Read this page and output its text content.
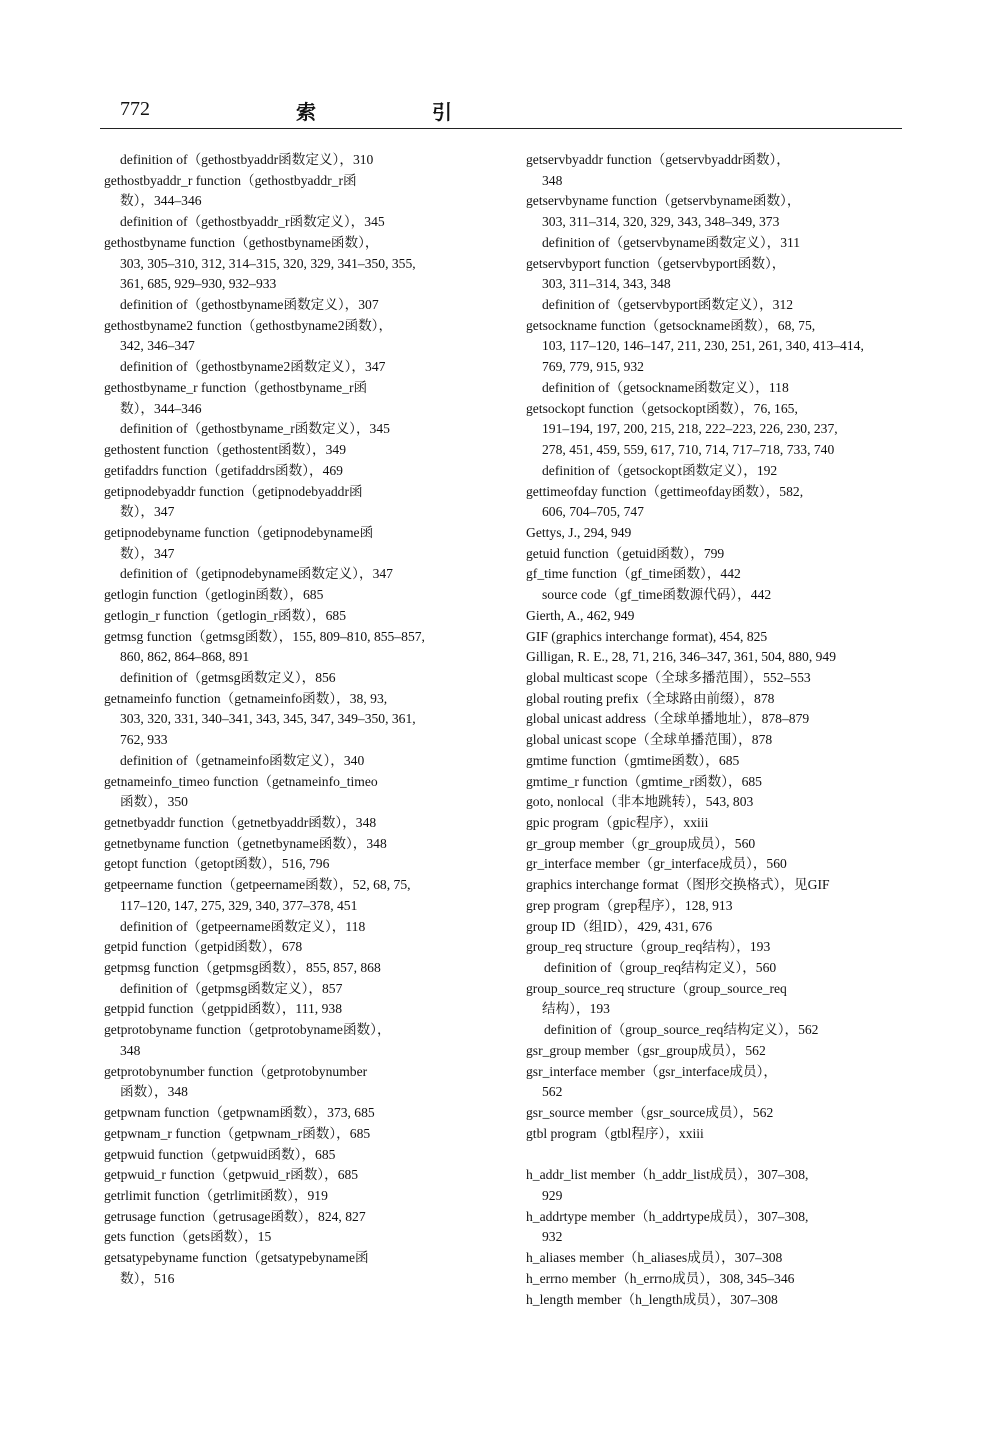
772	索　引
definition of（gethostbyaddr函数定义），310
gethostbyaddr_r function（gethostbyaddr_r函
数），344–346
definition of（gethostbyaddr_r函数定义），345
gethostbyname function（gethostbyname函数），
303, 305–310, 312, 314–315, 320, 329, 341–350, 355,
361, 685, 929–930, 932–933
definition of（gethostbyname函数定义），307
gethostbyname2 function（gethostbyname2函数），
342, 346–347
definition of（gethostbyname2函数定义），347
gethostbyname_r function（gethostbyname_r函
数），344–346
definition of（gethostbyname_r函数定义），345
gethostent function（gethostent函数），349
getifaddrs function（getifaddrs函数），469
getipnodebyaddr function（getipnodebyaddr函
数），347
getipnodebyname function（getipnodebyname函
数），347
definition of（getipnodebyname函数定义），347
getlogin function（getlogin函数），685
getlogin_r function（getlogin_r函数），685
getmsg function（getmsg函数），155, 809–810, 855–857,
860, 862, 864–868, 891
definition of（getmsg函数定义），856
getnameinfo function（getnameinfo函数），38, 93,
303, 320, 331, 340–341, 343, 345, 347, 349–350, 361,
762, 933
definition of（getnameinfo函数定义），340
getnameinfo_timeo function（getnameinfo_timeo
函数），350
getnetbyaddr function（getnetbyaddr函数），348
getnetbyname function（getnetbyname函数），348
getopt function（getopt函数），516, 796
getpeername function（getpeername函数），52, 68, 75,
117–120, 147, 275, 329, 340, 377–378, 451
definition of（getpeername函数定义），118
getpid function（getpid函数），678
getpmsg function（getpmsg函数），855, 857, 868
definition of（getpmsg函数定义），857
getppid function（getppid函数），111, 938
getprotobyname function（getprotobyname函数），
348
getprotobynumber function（getprotobynumber
函数），348
getpwnam function（getpwnam函数），373, 685
getpwnam_r function（getpwnam_r函数），685
getpwuid function（getpwuid函数），685
getpwuid_r function（getpwuid_r函数），685
getrlimit function（getrlimit函数），919
getrusage function（getrusage函数），824, 827
gets function（gets函数），15
getsatypebyname function（getsatypebyname函
数），516
getservbyaddr function（getservbyaddr函数），
348
getservbyname function（getservbyname函数），
303, 311–314, 320, 329, 343, 348–349, 373
definition of（getservbyname函数定义），311
getservbyport function（getservbyport函数），
303, 311–314, 343, 348
definition of（getservbyport函数定义），312
getsockname function（getsockname函数），68, 75,
103, 117–120, 146–147, 211, 230, 251, 261, 340, 413–414,
769, 779, 915, 932
definition of（getsockname函数定义），118
getsockopt function（getsockopt函数），76, 165,
191–194, 197, 200, 215, 218, 222–223, 226, 230, 237,
278, 451, 459, 559, 617, 710, 714, 717–718, 733, 740
definition of（getsockopt函数定义），192
gettimeofday function（gettimeofday函数），582,
606, 704–705, 747
Gettys, J., 294, 949
getuid function（getuid函数），799
gf_time function（gf_time函数），442
source code（gf_time函数源代码），442
Gierth, A., 462, 949
GIF (graphics interchange format), 454, 825
Gilligan, R. E., 28, 71, 216, 346–347, 361, 504, 880, 949
global multicast scope（全球多播范围），552–553
global routing prefix（全球路由前缀），878
global unicast address（全球单播地址），878–879
global unicast scope（全球单播范围），878
gmtime function（gmtime函数），685
gmtime_r function（gmtime_r函数），685
goto, nonlocal（非本地跳转），543, 803
gpic program（gpic程序），xxiii
gr_group member（gr_group成员），560
gr_interface member（gr_interface成员），560
graphics interchange format（图形交换格式），见GIF
grep program（grep程序），128, 913
group ID（组ID），429, 431, 676
group_req structure（group_req结构），193
definition of（group_req结构定义），560
group_source_req structure（group_source_req
结构），193
definition of（group_source_req结构定义），562
gsr_group member（gsr_group成员），562
gsr_interface member（gsr_interface成员），
562
gsr_source member（gsr_source成员），562
gtbl program（gtbl程序），xxiii
h_addr_list member（h_addr_list成员），307–308,
929
h_addrtype member（h_addrtype成员），307–308,
932
h_aliases member（h_aliases成员），307–308
h_errno member（h_errno成员），308, 345–346
h_length member（h_length成员），307–308
